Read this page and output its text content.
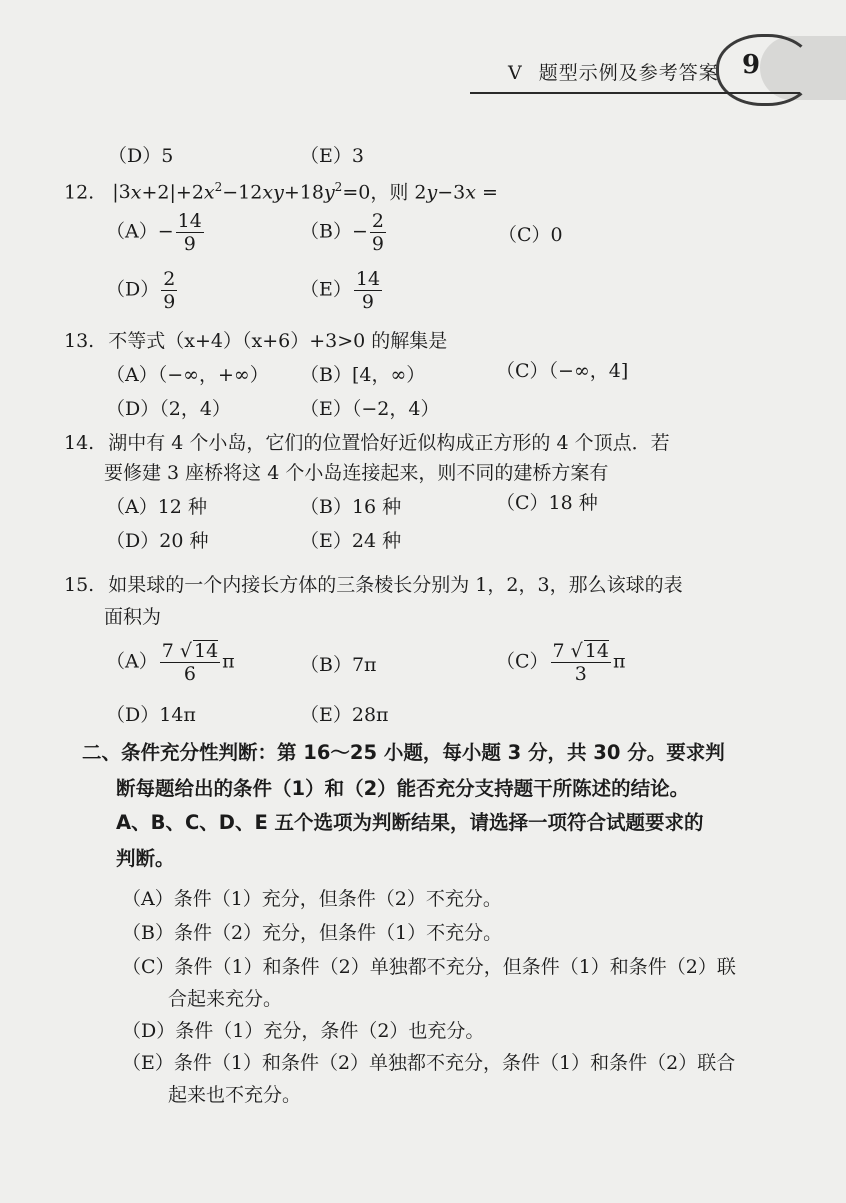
9
V 题型示例及参考答案
（D）5	（E）3
12. $|3x+2|+2x^2-12xy+18y^2=0$，则 2y−3x =
$(A)- \frac{14}{9}$	$(B)- \frac{2}{9}$	（C）0
$(D) \frac{2}{9}$	$(E) \frac{14}{9}$
13. 不等式（x+4）（x+6）+3>0 的解集是
（A）（−∞，+∞） （B）[4，∞）	（C）（−∞，4]
（D）（2，4）	（E）（−2，4）
14. 湖中有 4 个小岛，它们的位置恰好近似构成正方形的 4 个顶点．若
要修建 3 座桥将这 4 个小岛连接起来，则不同的建桥方案有
（A）12 种	（B）16 种	（C）18 种
（D）20 种	（E）24 种
15. 如果球的一个内接长方体的三条棱长分别为 1，2，3，那么该球的表
面积为
$(A) \frac{7 √ 14}{6}$ π	（B）7π	$(C) \frac{7 √ 14}{3}$ π
（D）14π	（E）28π
二、条件充分性判断：第 16～25 小题，每小题 3 分，共 30 分。要求判
断每题给出的条件（1）和（2）能否充分支持题干所陈述的结论。
A、B、C、D、E 五个选项为判断结果，请选择一项符合试题要求的
判断。
（A）条件（1）充分，但条件（2）不充分。
（B）条件（2）充分，但条件（1）不充分。
（C）条件（1）和条件（2）单独都不充分，但条件（1）和条件（2）联
合起来充分。
（D）条件（1）充分，条件（2）也充分。
（E）条件（1）和条件（2）单独都不充分，条件（1）和条件（2）联合
起来也不充分。
